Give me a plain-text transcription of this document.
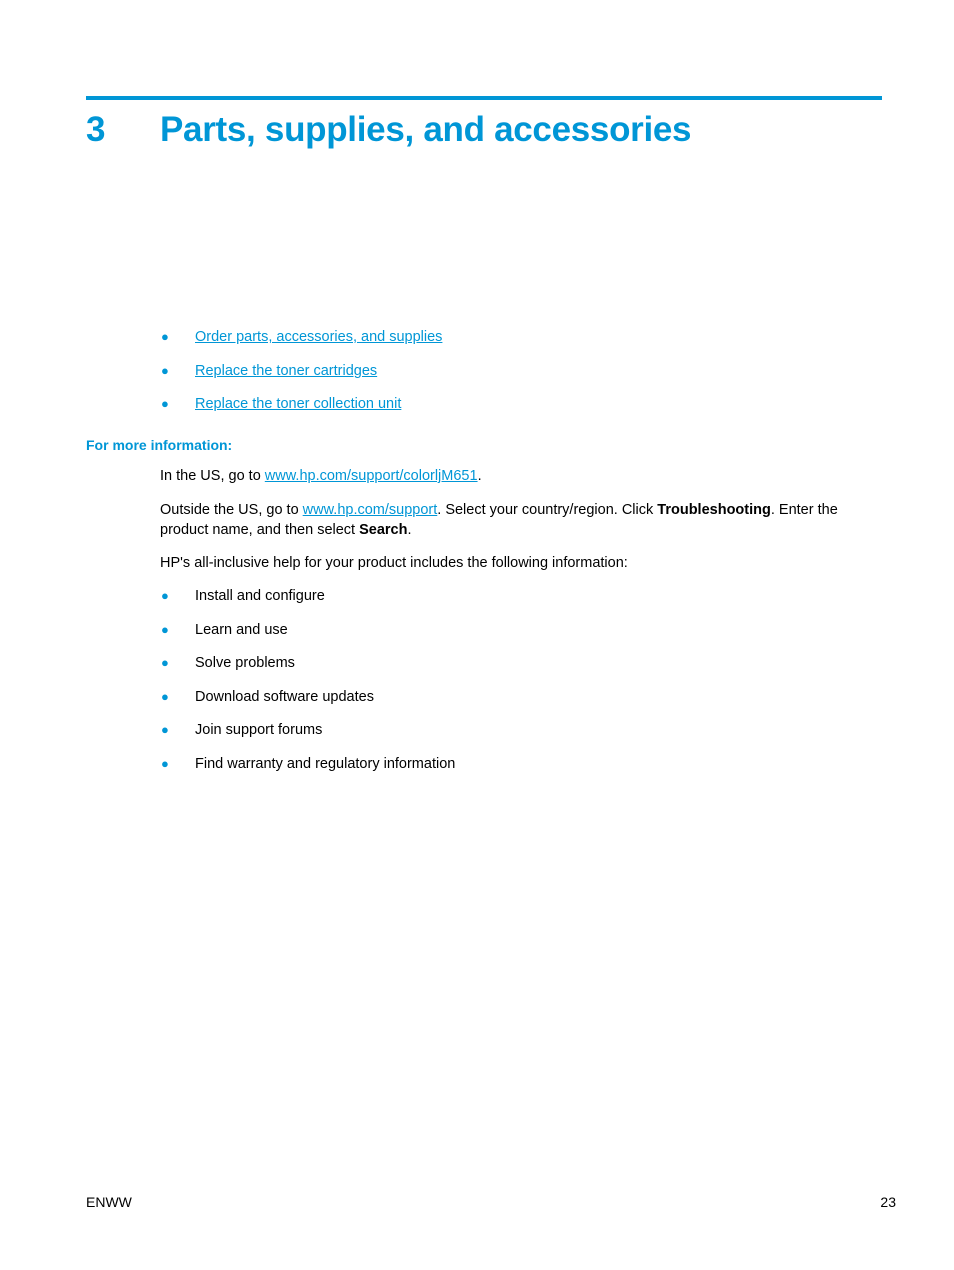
3 Parts, supplies, and accessories
● Order parts, accessories, and supplies
● Replace the toner cartridges
● Replace the toner collection unit
For more information:

In the US, go to www.hp.com/support/colorljM651.

Outside the US, go to www.hp.com/support. Select your country/region. Click Troubleshooting. Enter the product name, and then select Search.

HP's all-inclusive help for your product includes the following information:

● Install and configure
● Learn and use
● Solve problems
● Download software updates
● Join support forums
● Find warranty and regulatory information
ENWW	23
